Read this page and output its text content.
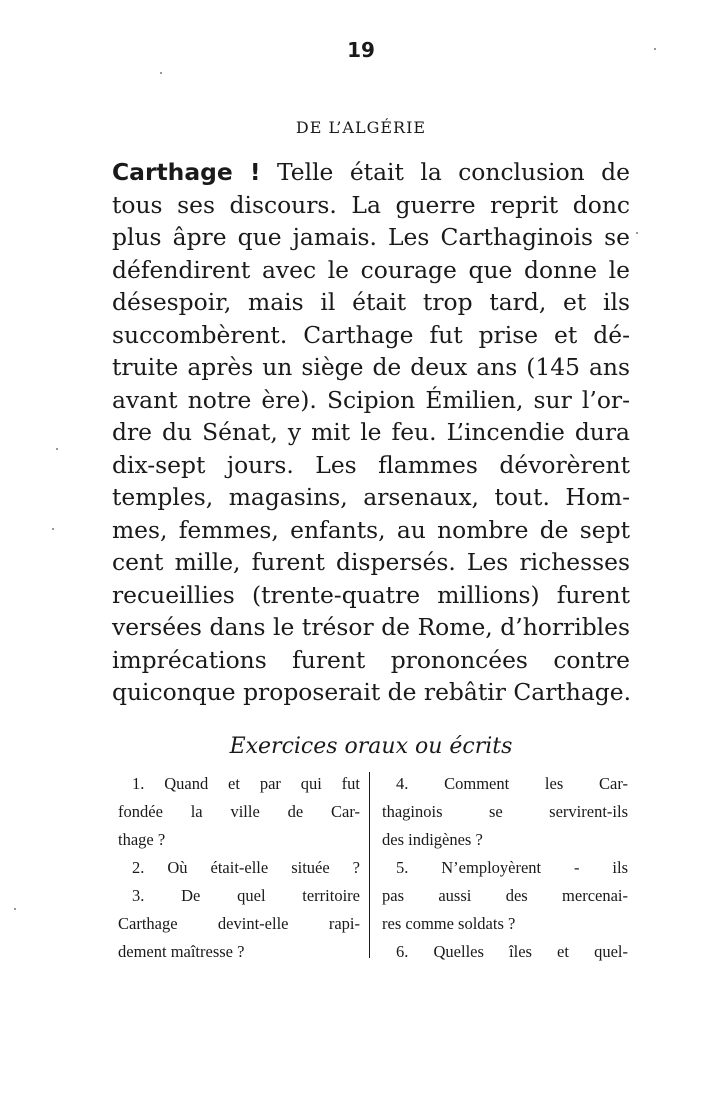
19
DE L’ALGÉRIE
Carthage ! Telle était la conclusion de
tous ses discours. La guerre reprit donc
plus âpre que jamais. Les Carthaginois se
défendirent avec le courage que donne le
désespoir, mais il était trop tard, et ils
succombèrent. Carthage fut prise et dé-
truite après un siège de deux ans (145 ans
avant notre ère). Scipion Émilien, sur l’or-
dre du Sénat, y mit le feu. L’incendie dura
dix-sept jours. Les flammes dévorèrent
temples, magasins, arsenaux, tout. Hom-
mes, femmes, enfants, au nombre de sept
cent mille, furent dispersés. Les richesses
recueillies (trente-quatre millions) furent
versées dans le trésor de Rome, d’horribles
imprécations furent prononcées contre
quiconque proposerait de rebâtir Carthage.
Exercices oraux ou écrits
1. Quand et par qui fut
fondée la ville de Car-
thage ?
2. Où était-elle située ?
3. De quel territoire
Carthage devint-elle rapi-
dement maîtresse ?
4. Comment les Car-
thaginois se servirent-ils
des indigènes ?
5. N’employèrent - ils
pas aussi des mercenai-
res comme soldats ?
6. Quelles îles et quel-
